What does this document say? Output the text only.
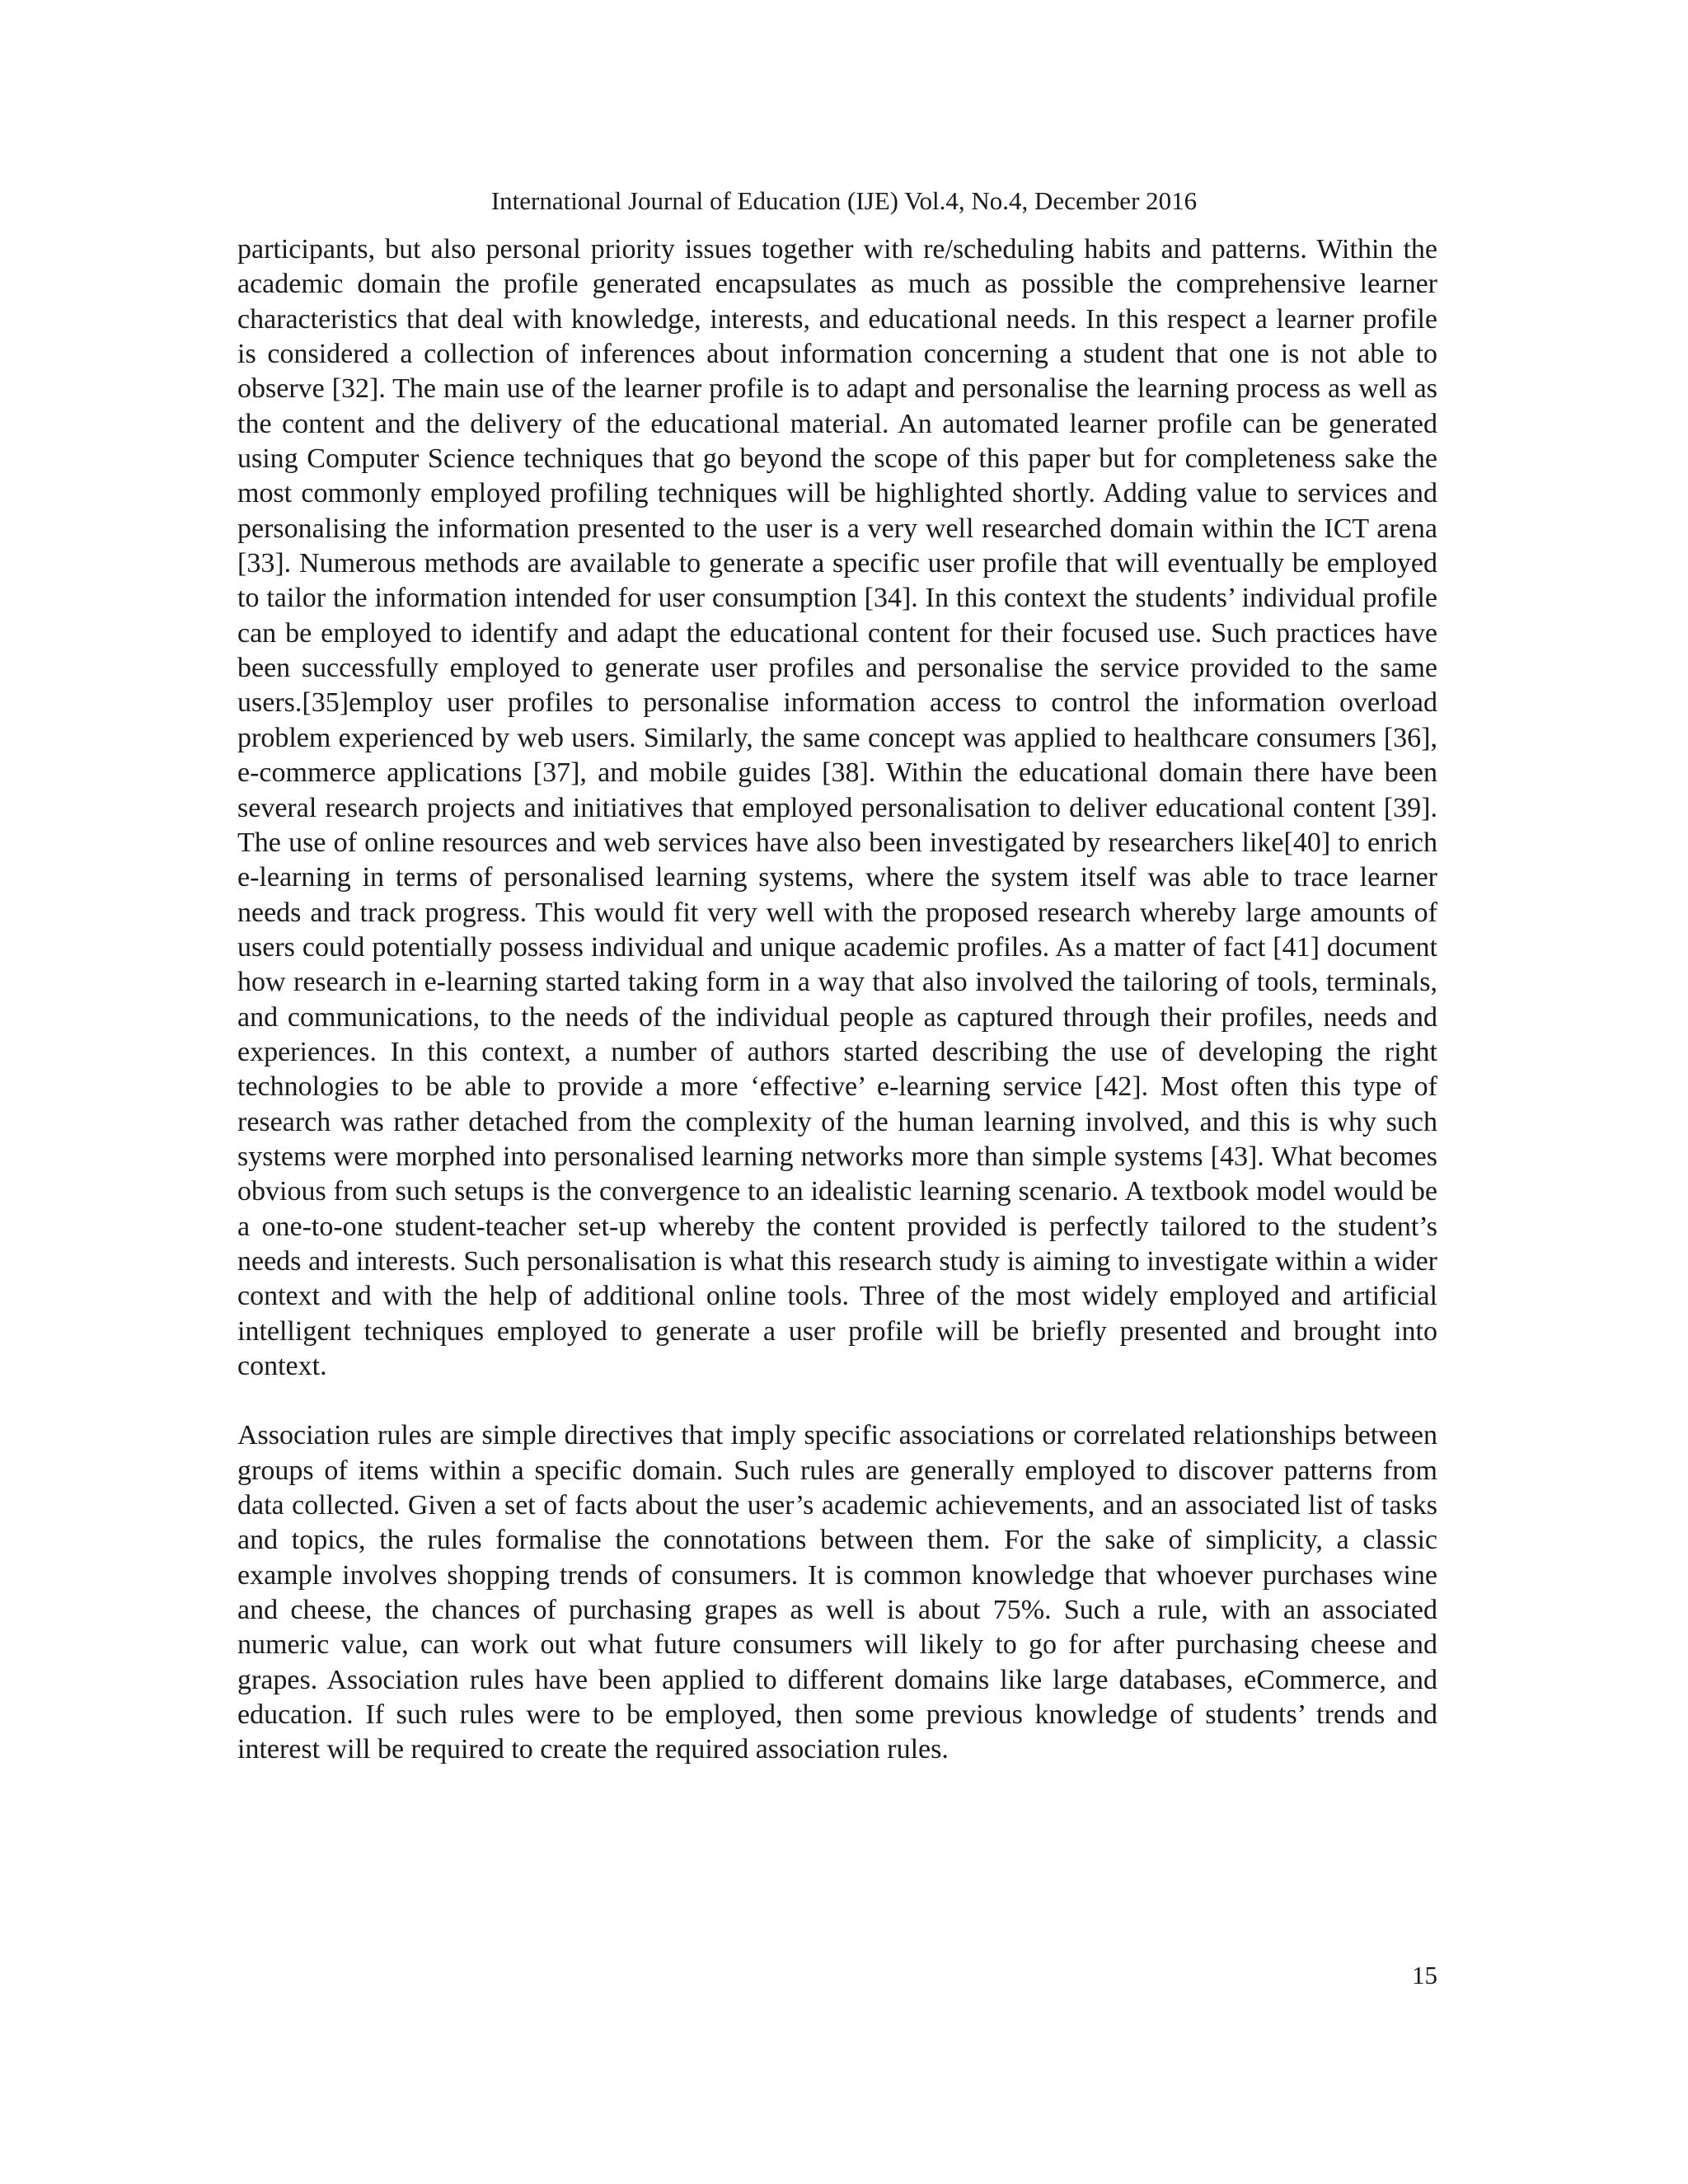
International Journal of Education (IJE) Vol.4, No.4, December 2016

participants, but also personal priority issues together with re/scheduling habits and patterns. Within the academic domain the profile generated encapsulates as much as possible the comprehensive learner characteristics that deal with knowledge, interests, and educational needs. In this respect a learner profile is considered a collection of inferences about information concerning a student that one is not able to observe [32]. The main use of the learner profile is to adapt and personalise the learning process as well as the content and the delivery of the educational material. An automated learner profile can be generated using Computer Science techniques that go beyond the scope of this paper but for completeness sake the most commonly employed profiling techniques will be highlighted shortly. Adding value to services and personalising the information presented to the user is a very well researched domain within the ICT arena [33]. Numerous methods are available to generate a specific user profile that will eventually be employed to tailor the information intended for user consumption [34]. In this context the students’ individual profile can be employed to identify and adapt the educational content for their focused use. Such practices have been successfully employed to generate user profiles and personalise the service provided to the same users.[35]employ user profiles to personalise information access to control the information overload problem experienced by web users. Similarly, the same concept was applied to healthcare consumers [36], e-commerce applications [37], and mobile guides [38]. Within the educational domain there have been several research projects and initiatives that employed personalisation to deliver educational content [39]. The use of online resources and web services have also been investigated by researchers like[40] to enrich e-learning in terms of personalised learning systems, where the system itself was able to trace learner needs and track progress. This would fit very well with the proposed research whereby large amounts of users could potentially possess individual and unique academic profiles. As a matter of fact [41] document how research in e-learning started taking form in a way that also involved the tailoring of tools, terminals, and communications, to the needs of the individual people as captured through their profiles, needs and experiences. In this context, a number of authors started describing the use of developing the right technologies to be able to provide a more ‘effective’ e-learning service [42]. Most often this type of research was rather detached from the complexity of the human learning involved, and this is why such systems were morphed into personalised learning networks more than simple systems [43]. What becomes obvious from such setups is the convergence to an idealistic learning scenario. A textbook model would be a one-to-one student-teacher set-up whereby the content provided is perfectly tailored to the student’s needs and interests. Such personalisation is what this research study is aiming to investigate within a wider context and with the help of additional online tools. Three of the most widely employed and artificial intelligent techniques employed to generate a user profile will be briefly presented and brought into context.

Association rules are simple directives that imply specific associations or correlated relationships between groups of items within a specific domain. Such rules are generally employed to discover patterns from data collected. Given a set of facts about the user’s academic achievements, and an associated list of tasks and topics, the rules formalise the connotations between them. For the sake of simplicity, a classic example involves shopping trends of consumers. It is common knowledge that whoever purchases wine and cheese, the chances of purchasing grapes as well is about 75%. Such a rule, with an associated numeric value, can work out what future consumers will likely to go for after purchasing cheese and grapes. Association rules have been applied to different domains like large databases, eCommerce, and education. If such rules were to be employed, then some previous knowledge of students’ trends and interest will be required to create the required association rules.

15
